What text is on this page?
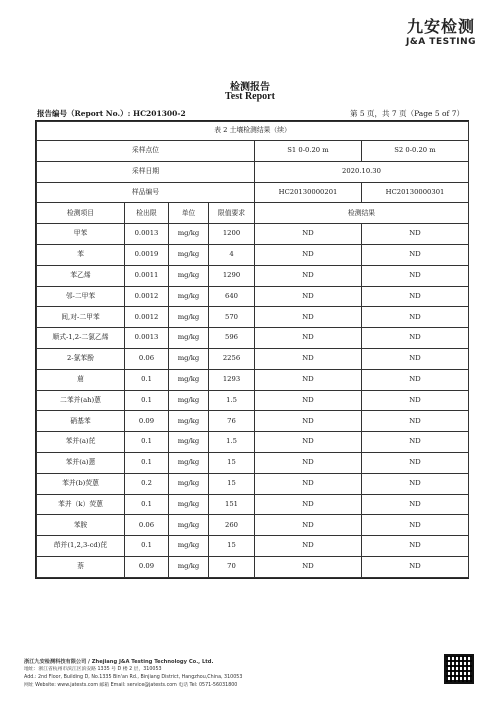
九安检测
J&A TESTING
检测报告
Test Report
报告编号（Report No.）: HC201300-2	第 5 页，共 7 页（Page 5 of 7）
表 2 土壤检测结果（续）					
采样点位				S1 0-0.20 m	S2 0-0.20 m
采样日期				2020.10.30	
样品编号				HC20130000201	HC20130000301
检测项目	检出限	单位	限值要求	检测结果	
甲苯	0.0013	mg/kg	1200	ND	ND
苯	0.0019	mg/kg	4	ND	ND
苯乙烯	0.0011	mg/kg	1290	ND	ND
邻-二甲苯	0.0012	mg/kg	640	ND	ND
间,对-二甲苯	0.0012	mg/kg	570	ND	ND
顺式-1,2-二氯乙烯	0.0013	mg/kg	596	ND	ND
2-氯苯酚	0.06	mg/kg	2256	ND	ND
䓛	0.1	mg/kg	1293	ND	ND
二苯并(ah)蒽	0.1	mg/kg	1.5	ND	ND
硝基苯	0.09	mg/kg	76	ND	ND
苯并(a)芘	0.1	mg/kg	1.5	ND	ND
苯并(a)蒽	0.1	mg/kg	15	ND	ND
苯并(b)荧蒽	0.2	mg/kg	15	ND	ND
苯并（k）荧蒽	0.1	mg/kg	151	ND	ND
苯胺	0.06	mg/kg	260	ND	ND
茚并(1,2,3-cd)芘	0.1	mg/kg	15	ND	ND
萘	0.09	mg/kg	70	ND	ND
浙江九安检测科技有限公司 / Zhejiang J&A Testing Technology Co., Ltd.
地址：浙江省杭州市滨江区滨安路 1335 号 D 楼 2 层，310053
Add.: 2nd Floor, Building D, No.1335 Bin'an Rd., Binjiang District, Hangzhou,China, 310053
网址 Website: www.jatests.com 邮箱 Email: service@jatests.com 电话 Tel: 0571-56031800
